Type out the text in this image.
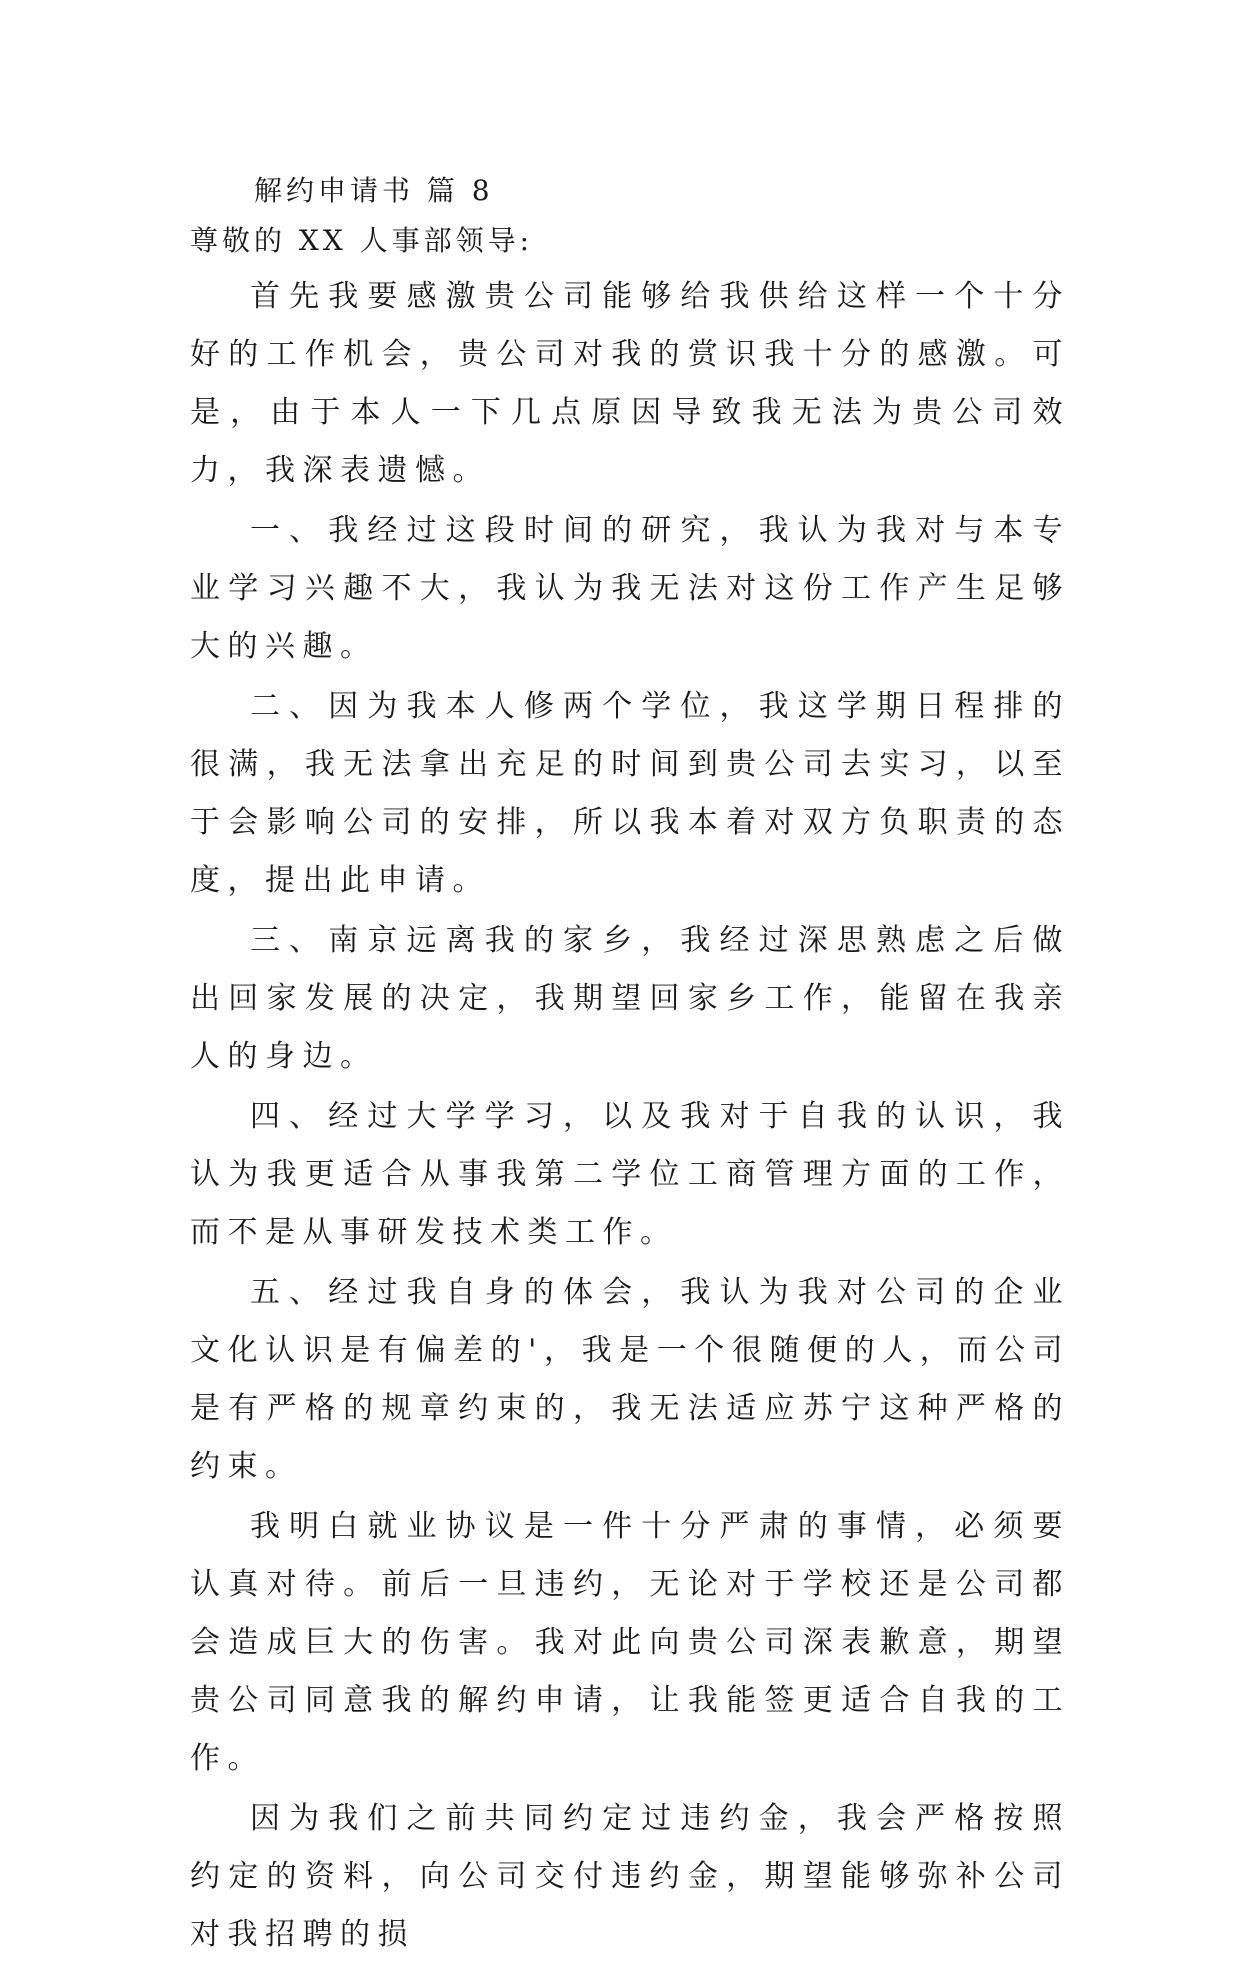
解约申请书 篇 8
尊敬的 XX 人事部领导:

首先我要感激贵公司能够给我供给这样一个十分好的工作机会，贵公司对我的赏识我十分的感激。可是，由于本人一下几点原因导致我无法为贵公司效力，我深表遗憾。

一、我经过这段时间的研究，我认为我对与本专业学习兴趣不大，我认为我无法对这份工作产生足够大的兴趣。

二、因为我本人修两个学位，我这学期日程排的很满，我无法拿出充足的时间到贵公司去实习，以至于会影响公司的安排，所以我本着对双方负职责的态度，提出此申请。

三、南京远离我的家乡，我经过深思熟虑之后做出回家发展的决定，我期望回家乡工作，能留在我亲人的身边。

四、经过大学学习，以及我对于自我的认识，我认为我更适合从事我第二学位工商管理方面的工作，而不是从事研发技术类工作。

五、经过我自身的体会，我认为我对公司的企业文化认识是有偏差的'，我是一个很随便的人，而公司是有严格的规章约束的，我无法适应苏宁这种严格的约束。

我明白就业协议是一件十分严肃的事情，必须要认真对待。前后一旦违约，无论对于学校还是公司都会造成巨大的伤害。我对此向贵公司深表歉意，期望贵公司同意我的解约申请，让我能签更适合自我的工作。

因为我们之前共同约定过违约金，我会严格按照约定的资料，向公司交付违约金，期望能够弥补公司对我招聘的损
